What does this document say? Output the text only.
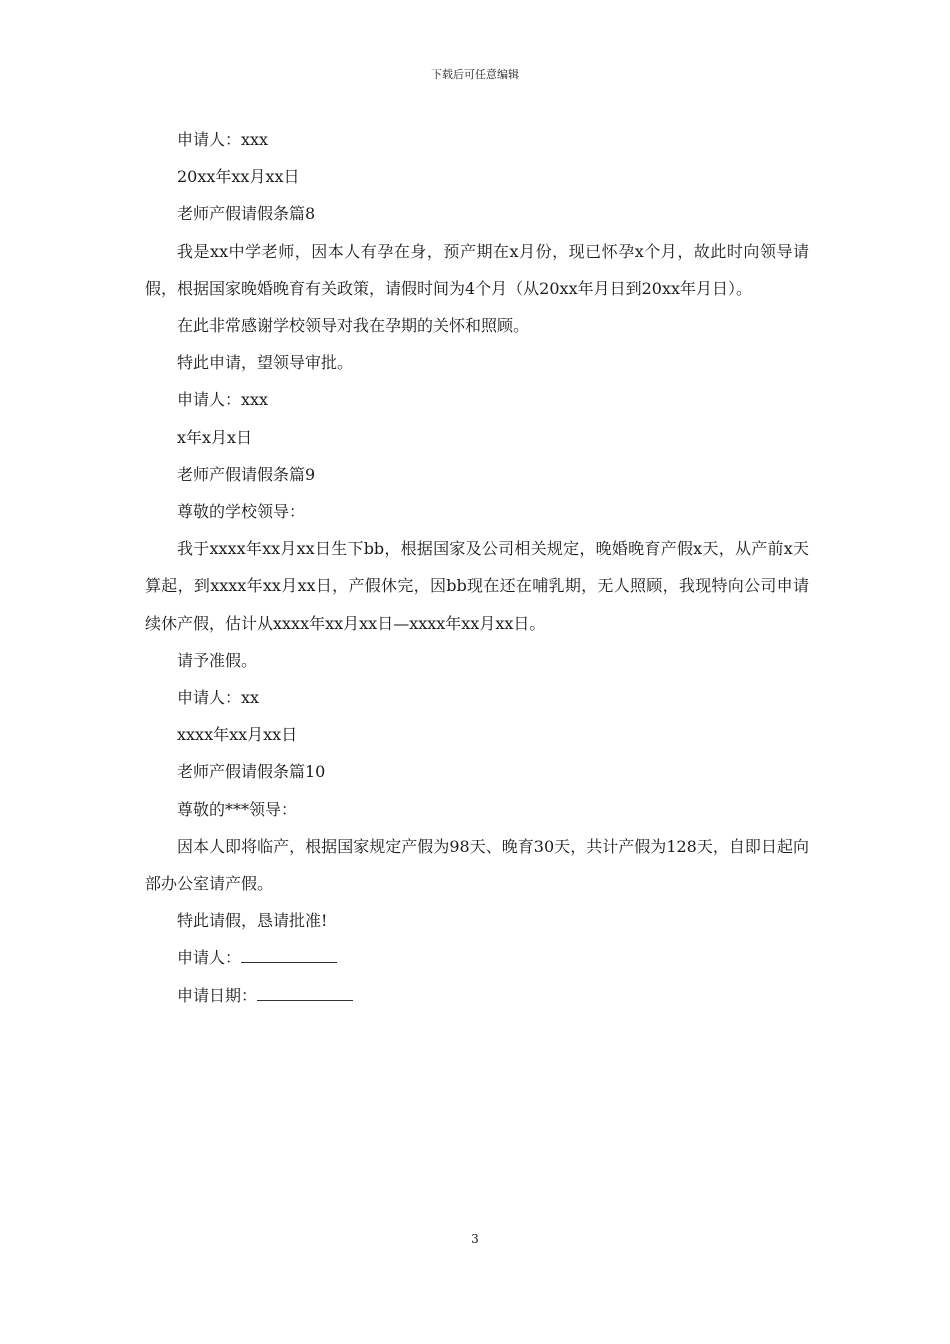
下载后可任意编辑

申请人：xxx

20xx年xx月xx日

老师产假请假条篇8

我是xx中学老师，因本人有孕在身，预产期在x月份，现已怀孕x个月，故此时向领导请假，根据国家晚婚晚育有关政策，请假时间为4个月（从20xx年月日到20xx年月日）。

在此非常感谢学校领导对我在孕期的关怀和照顾。

特此申请，望领导审批。

申请人：xxx

x年x月x日

老师产假请假条篇9

尊敬的学校领导：

我于xxxx年xx月xx日生下bb，根据国家及公司相关规定，晚婚晚育产假x天，从产前x天算起，到xxxx年xx月xx日，产假休完，因bb现在还在哺乳期，无人照顾，我现特向公司申请续休产假，估计从xxxx年xx月xx日—xxxx年xx月xx日。

请予准假。

申请人：xx

xxxx年xx月xx日

老师产假请假条篇10

尊敬的***领导：

因本人即将临产，根据国家规定产假为98天、晚育30天，共计产假为128天，自即日起向部办公室请产假。

特此请假，恳请批准!

申请人：

申请日期：

3
